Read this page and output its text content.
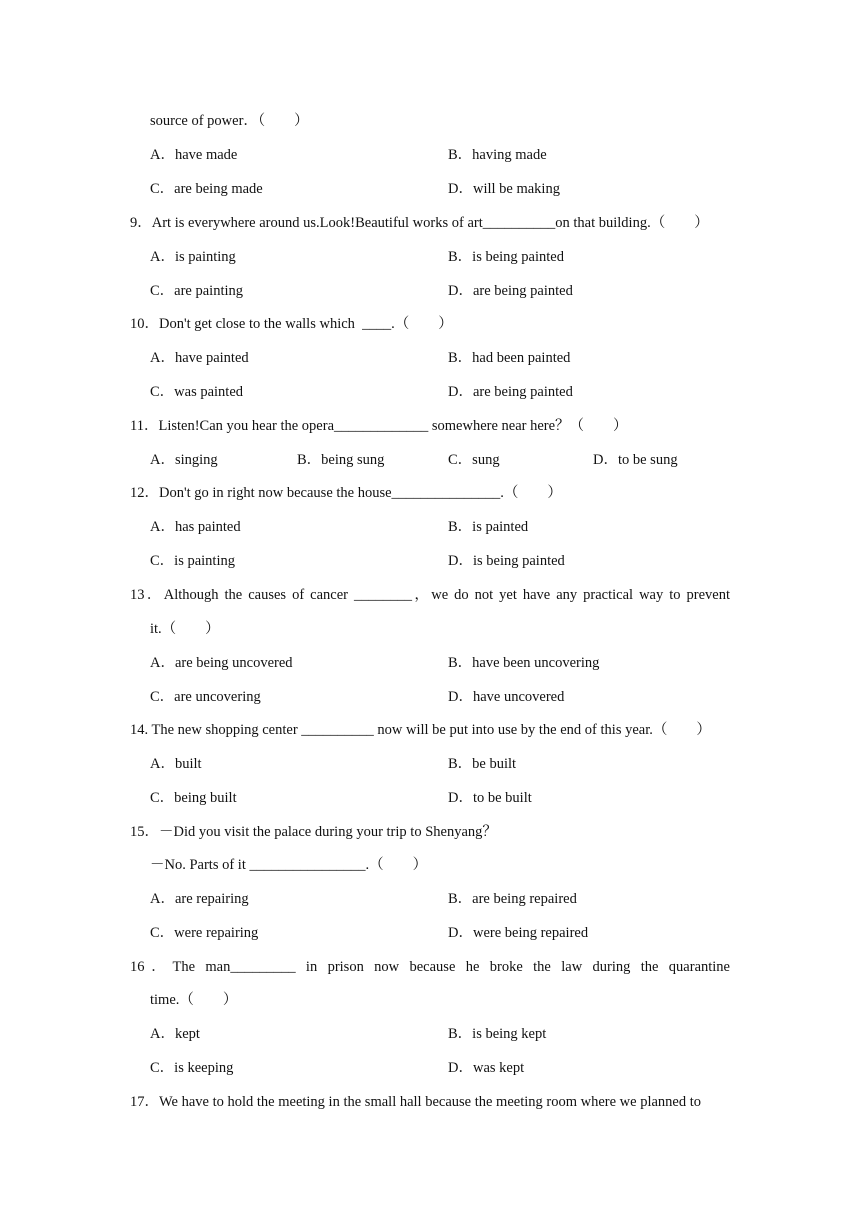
source of power．（　　）
A．have made	B．having made
C．are being made	D．will be making
9．Art is everywhere around us.Look!Beautiful works of art__________on that building.（　　）
A．is painting	B．is being painted
C．are painting	D．are being painted
10．Don't get close to the walls which  ____.（　　）
A．have painted	B．had been painted
C．was painted	D．are being painted
11．Listen!Can you hear the opera_____________ somewhere near here？（　　）
A．singing	B．being sung	C．sung	D．to be sung
12．Don't go in right now because the house_______________.（　　）
A．has painted	B．is painted
C．is painting	D．is being painted
13．Although the causes of cancer ________，we do not yet have any practical way to prevent
it.（　　）
A．are being uncovered	B．have been uncovering
C．are uncovering	D．have uncovered
14. The new shopping center __________ now will be put into use by the end of this year.（　　）
A．built	B．be built
C．being built	D．to be built
15．－Did you visit the palace during your trip to Shenyang？
－No. Parts of it ________________.（　　）
A．are repairing	B．are being repaired
C．were repairing	D．were being repaired
16．The man_________ in prison now because he broke the law during the quarantine
time.（　　）
A．kept	B．is being kept
C．is keeping	D．was kept
17．We have to hold the meeting in the small hall because the meeting room where we planned to
